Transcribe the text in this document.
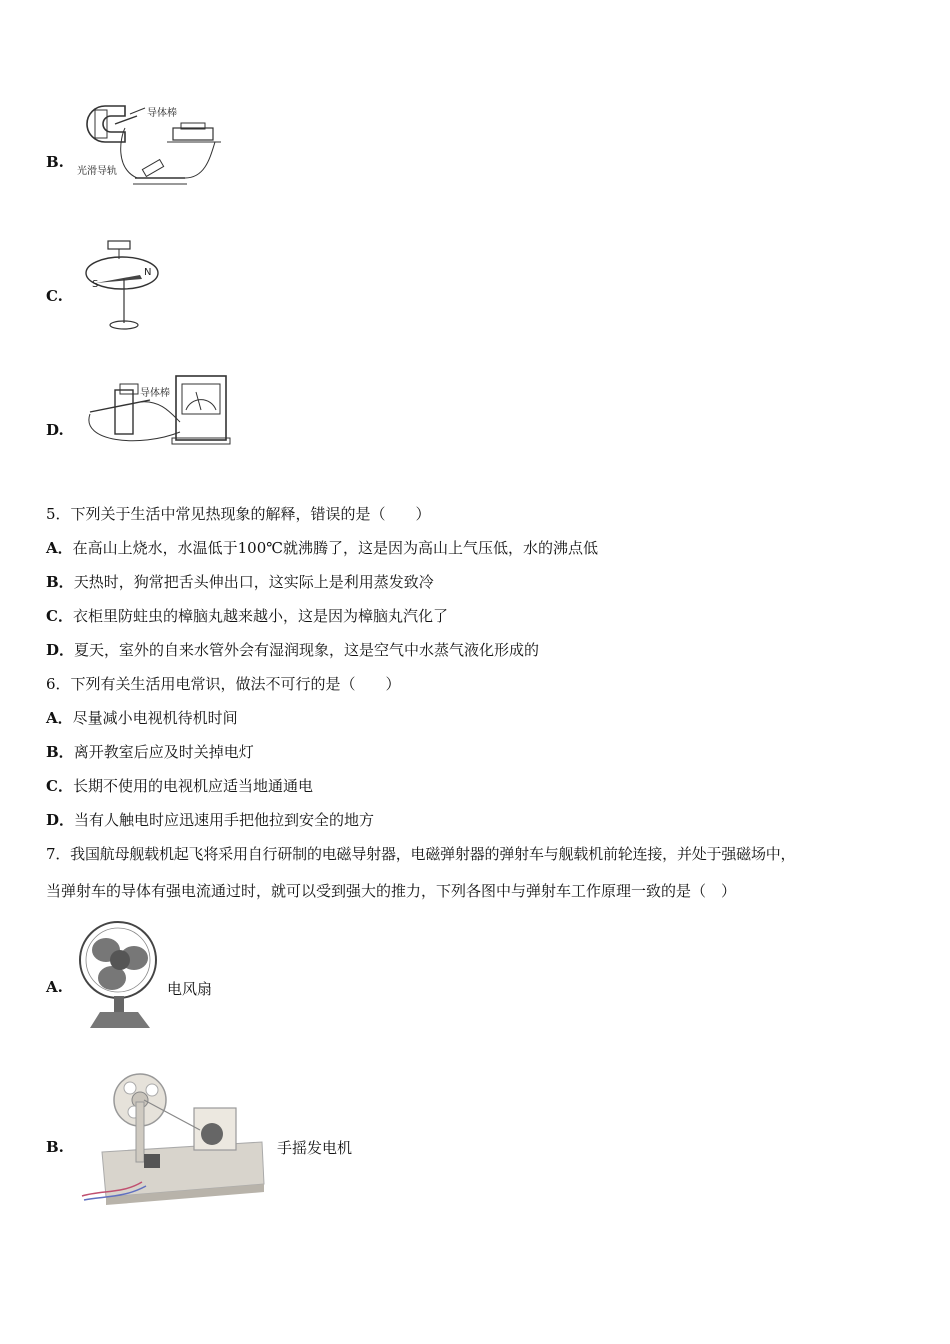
B.
导体棒
光滑导轨
C.
S
N
D.
导体棒
5．下列关于生活中常见热现象的解释，错误的是（　　）
A．在高山上烧水，水温低于100℃就沸腾了，这是因为高山上气压低，水的沸点低
B．天热时，狗常把舌头伸出口，这实际上是利用蒸发致冷
C．衣柜里防蛀虫的樟脑丸越来越小，这是因为樟脑丸汽化了
D．夏天，室外的自来水管外会有湿润现象，这是空气中水蒸气液化形成的
6．下列有关生活用电常识，做法不可行的是（　　）
A．尽量减小电视机待机时间
B．离开教室后应及时关掉电灯
C．长期不使用的电视机应适当地通通电
D．当有人触电时应迅速用手把他拉到安全的地方
7．我国航母舰载机起飞将采用自行研制的电磁导射器，电磁弹射器的弹射车与舰载机前轮连接，并处于强磁场中，
当弹射车的导体有强电流通过时，就可以受到强大的推力，下列各图中与弹射车工作原理一致的是（　）
A.	电风扇
B.	手摇发电机
